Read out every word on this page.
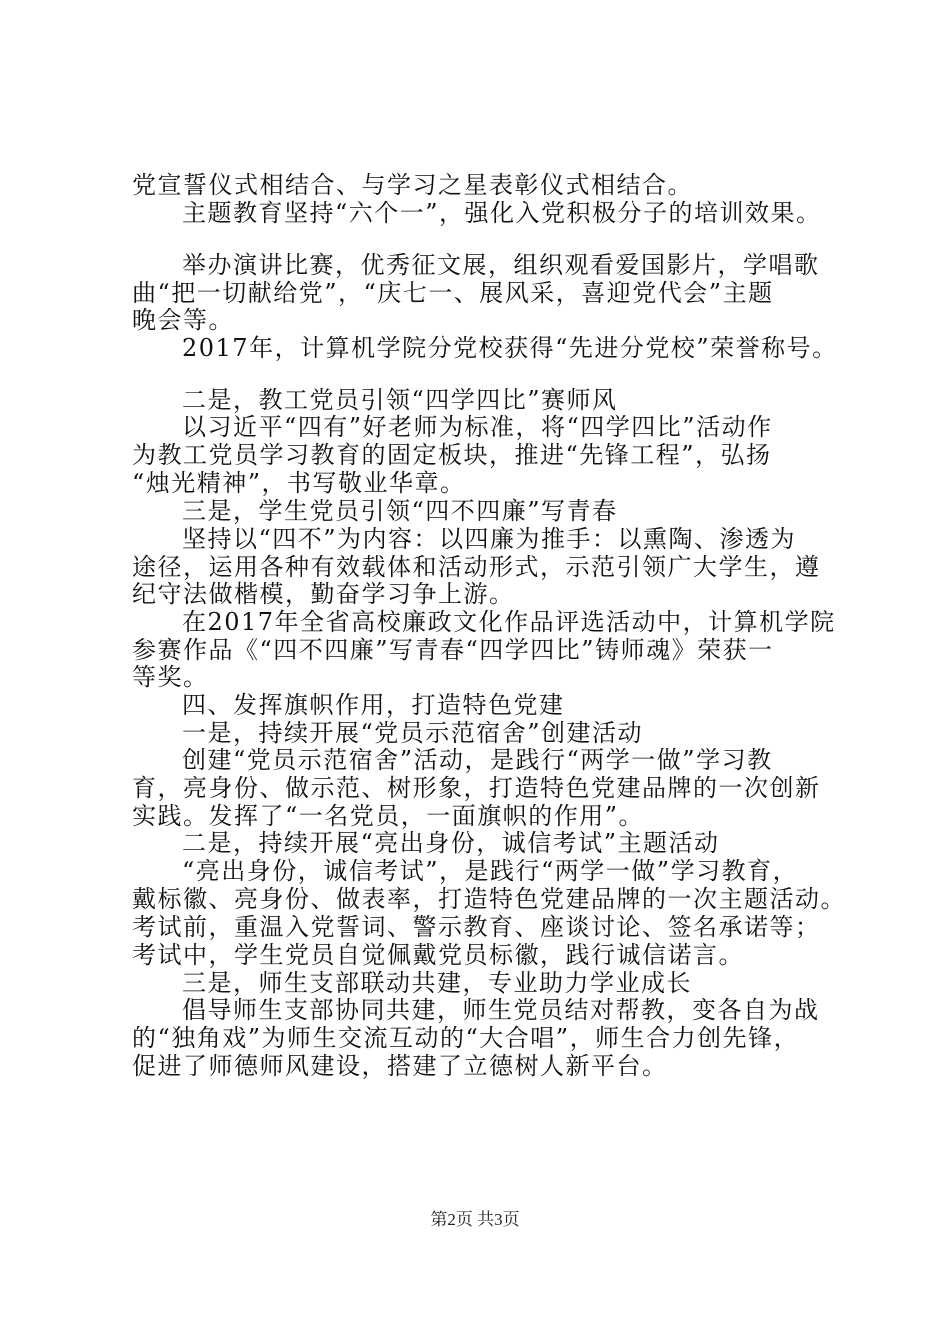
党宣誓仪式相结合、与学习之星表彰仪式相结合。
主题教育坚持“六个一”，强化入党积极分子的培训效果。
举办演讲比赛，优秀征文展，组织观看爱国影片，学唱歌
曲“把一切献给党”，“庆七一、展风采，喜迎党代会”主题
晚会等。
2017年，计算机学院分党校获得“先进分党校”荣誉称号。
二是，教工党员引领“四学四比”赛师风
以习近平“四有”好老师为标准，将“四学四比”活动作
为教工党员学习教育的固定板块，推进“先锋工程”，弘扬
“烛光精神”，书写敬业华章。
三是，学生党员引领“四不四廉”写青春
坚持以“四不”为内容：以四廉为推手：以熏陶、渗透为
途径，运用各种有效载体和活动形式，示范引领广大学生，遵
纪守法做楷模，勤奋学习争上游。
在2017年全省高校廉政文化作品评选活动中，计算机学院
参赛作品《“四不四廉”写青春“四学四比”铸师魂》荣获一
等奖。
四、发挥旗帜作用，打造特色党建
一是，持续开展“党员示范宿舍”创建活动
创建“党员示范宿舍”活动，是践行“两学一做”学习教
育，亮身份、做示范、树形象，打造特色党建品牌的一次创新
实践。发挥了“一名党员，一面旗帜的作用”。
二是，持续开展“亮出身份，诚信考试”主题活动
“亮出身份，诚信考试”，是践行“两学一做”学习教育，
戴标徽、亮身份、做表率，打造特色党建品牌的一次主题活动。
考试前，重温入党誓词、警示教育、座谈讨论、签名承诺等；
考试中，学生党员自觉佩戴党员标徽，践行诚信诺言。
三是，师生支部联动共建，专业助力学业成长
倡导师生支部协同共建，师生党员结对帮教，变各自为战
的“独角戏”为师生交流互动的“大合唱”，师生合力创先锋，
促进了师德师风建设，搭建了立德树人新平台。
第2页 共3页
